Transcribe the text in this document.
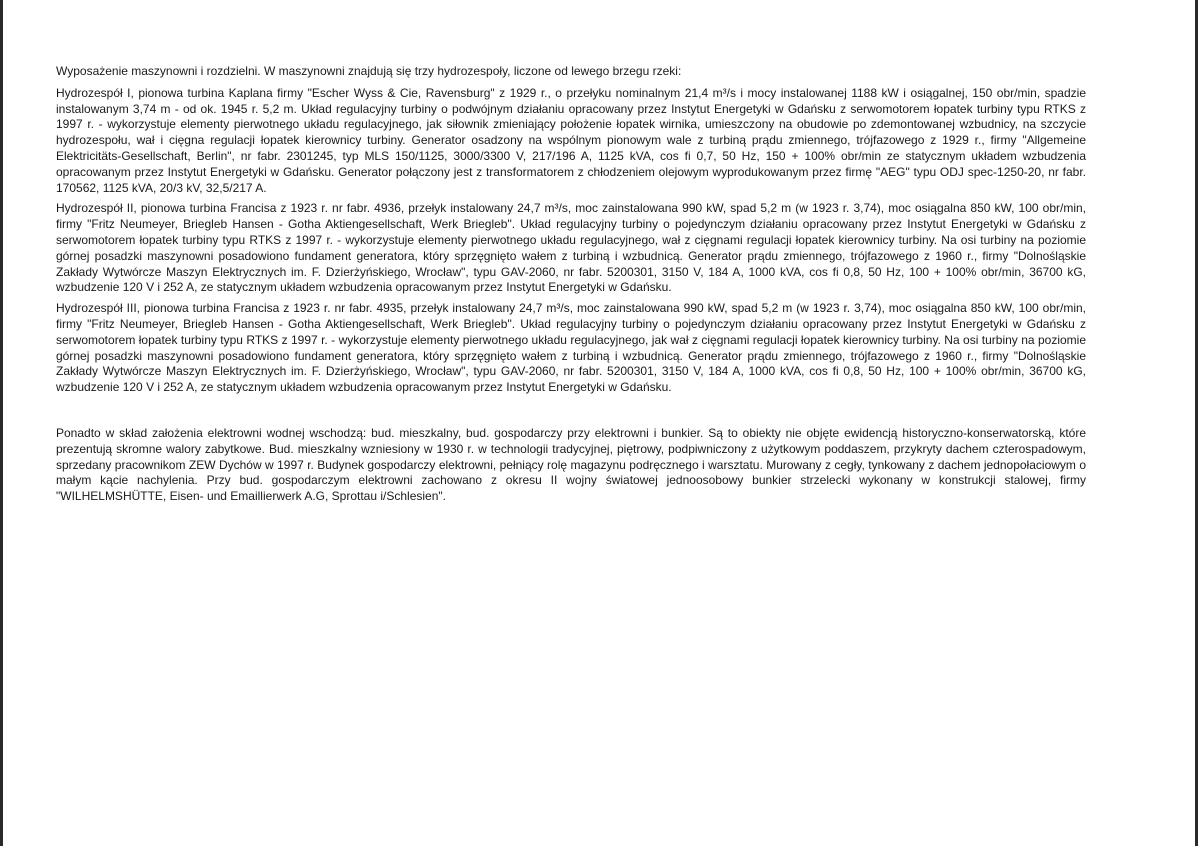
Wyposażenie maszynowni i rozdzielni. W maszynowni znajdują się trzy hydrozespoły, liczone od lewego brzegu rzeki:

Hydrozespół I, pionowa turbina Kaplana firmy "Escher Wyss & Cie, Ravensburg" z 1929 r., o przełyku nominalnym 21,4 m³/s i mocy instalowanej 1188 kW i osiągalnej, 150 obr/min, spadzie instalowanym 3,74 m - od ok. 1945 r. 5,2 m. Układ regulacyjny turbiny o podwójnym działaniu opracowany przez Instytut Energetyki w Gdańsku z serwomotorem łopatek turbiny typu RTKS z 1997 r. - wykorzystuje elementy pierwotnego układu regulacyjnego, jak siłownik zmieniający położenie łopatek wirnika, umieszczony na obudowie po zdemontowanej wzbudnicy, na szczycie hydrozespołu, wał i cięgna regulacji łopatek kierownicy turbiny. Generator osadzony na wspólnym pionowym wale z turbiną prądu zmiennego, trójfazowego z 1929 r., firmy "Allgemeine Elektricitäts-Gesellschaft, Berlin", nr fabr. 2301245, typ MLS 150/1125, 3000/3300 V, 217/196 A, 1125 kVA, cos fi 0,7, 50 Hz, 150 + 100% obr/min ze statycznym układem wzbudzenia opracowanym przez Instytut Energetyki w Gdańsku. Generator połączony jest z transformatorem z chłodzeniem olejowym wyprodukowanym przez firmę "AEG" typu ODJ spec-1250-20, nr fabr. 170562, 1125 kVA, 20/3 kV, 32,5/217 A.

Hydrozespół II, pionowa turbina Francisa z 1923 r. nr fabr. 4936, przełyk instalowany 24,7 m³/s, moc zainstalowana 990 kW, spad 5,2 m (w 1923 r. 3,74), moc osiągalna 850 kW, 100 obr/min, firmy "Fritz Neumeyer, Briegleb Hansen - Gotha Aktiengesellschaft, Werk Briegleb". Układ regulacyjny turbiny o pojedynczym działaniu opracowany przez Instytut Energetyki w Gdańsku z serwomotorem łopatek turbiny typu RTKS z 1997 r. - wykorzystuje elementy pierwotnego układu regulacyjnego, wał z cięgnami regulacji łopatek kierownicy turbiny. Na osi turbiny na poziomie górnej posadzki maszynowni posadowiono fundament generatora, który sprzęgnięto wałem z turbiną i wzbudnicą. Generator prądu zmiennego, trójfazowego z 1960 r., firmy "Dolnośląskie Zakłady Wytwórcze Maszyn Elektrycznych im. F. Dzierżyńskiego, Wrocław", typu GAV-2060, nr fabr. 5200301, 3150 V, 184 A, 1000 kVA, cos fi 0,8, 50 Hz, 100 + 100% obr/min, 36700 kG, wzbudzenie 120 V i 252 A, ze statycznym układem wzbudzenia opracowanym przez Instytut Energetyki w Gdańsku.

Hydrozespół III, pionowa turbina Francisa z 1923 r. nr fabr. 4935, przełyk instalowany 24,7 m³/s, moc zainstalowana 990 kW, spad 5,2 m (w 1923 r. 3,74), moc osiągalna 850 kW, 100 obr/min, firmy "Fritz Neumeyer, Briegleb Hansen - Gotha Aktiengesellschaft, Werk Briegleb". Układ regulacyjny turbiny o pojedynczym działaniu opracowany przez Instytut Energetyki w Gdańsku z serwomotorem łopatek turbiny typu RTKS z 1997 r. - wykorzystuje elementy pierwotnego układu regulacyjnego, jak wał z cięgnami regulacji łopatek kierownicy turbiny. Na osi turbiny na poziomie górnej posadzki maszynowni posadowiono fundament generatora, który sprzęgnięto wałem z turbiną i wzbudnicą. Generator prądu zmiennego, trójfazowego z 1960 r., firmy "Dolnośląskie Zakłady Wytwórcze Maszyn Elektrycznych im. F. Dzierżyńskiego, Wrocław", typu GAV-2060, nr fabr. 5200301, 3150 V, 184 A, 1000 kVA, cos fi 0,8, 50 Hz, 100 + 100% obr/min, 36700 kG, wzbudzenie 120 V i 252 A, ze statycznym układem wzbudzenia opracowanym przez Instytut Energetyki w Gdańsku.

Ponadto w skład założenia elektrowni wodnej wschodzą: bud. mieszkalny, bud. gospodarczy przy elektrowni i bunkier. Są to obiekty nie objęte ewidencją historyczno-konserwatorską, które prezentują skromne walory zabytkowe. Bud. mieszkalny wzniesiony w 1930 r. w technologii tradycyjnej, piętrowy, podpiwniczony z użytkowym poddaszem, przykryty dachem czterospadowym, sprzedany pracownikom ZEW Dychów w 1997 r. Budynek gospodarczy elektrowni, pełniący rolę magazynu podręcznego i warsztatu. Murowany z cegły, tynkowany z dachem jednopołaciowym o małym kącie nachylenia. Przy bud. gospodarczym elektrowni zachowano z okresu II wojny światowej jednoosobowy bunkier strzelecki wykonany w konstrukcji stalowej, firmy "WILHELMSHÜTTE, Eisen- und Emaillierwerk A.G, Sprottau i/Schlesien".
